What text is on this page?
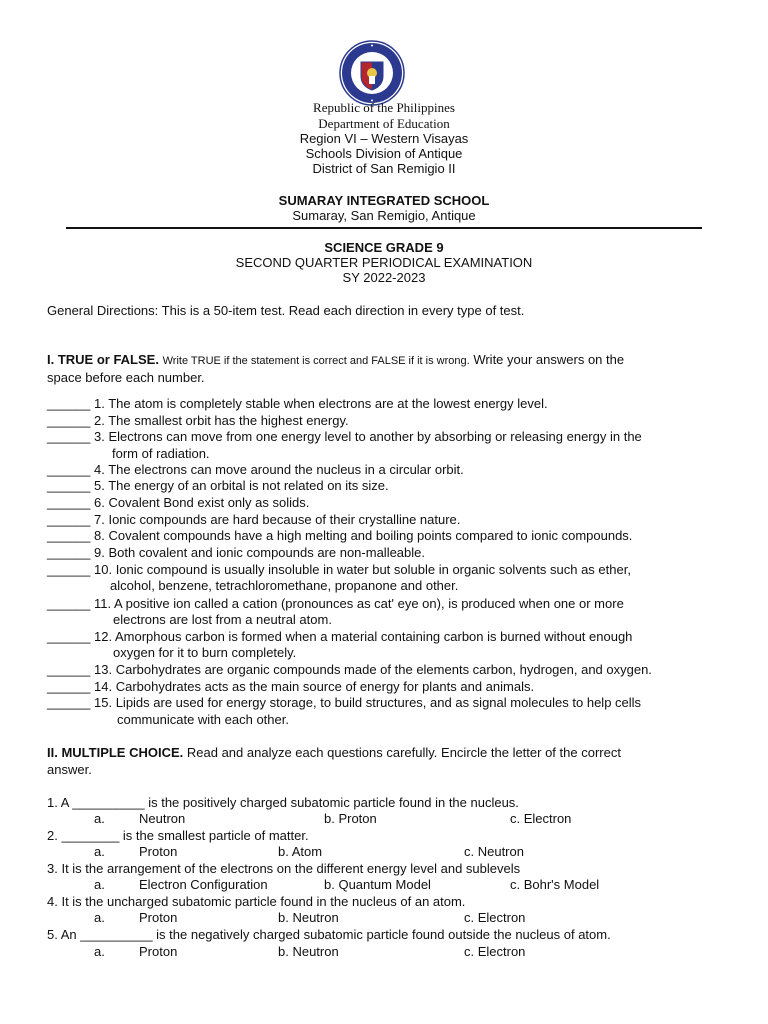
Republic of the Philippines
Department of Education
Region VI – Western Visayas
Schools Division of Antique
District of San Remigio II
SUMARAY INTEGRATED SCHOOL
Sumaray, San Remigio, Antique
SCIENCE GRADE 9
SECOND QUARTER PERIODICAL EXAMINATION
SY 2022-2023
General Directions: This is a 50-item test. Read each direction in every type of test.
I. TRUE or FALSE. Write TRUE if the statement is correct and FALSE if it is wrong. Write your answers on the
space before each number.
______ 1. The atom is completely stable when electrons are at the lowest energy level.
______ 2. The smallest orbit has the highest energy.
______ 3. Electrons can move from one energy level to another by absorbing or releasing energy in the
form of radiation.
______ 4. The electrons can move around the nucleus in a circular orbit.
______ 5. The energy of an orbital is not related on its size.
______ 6. Covalent Bond exist only as solids.
______ 7. Ionic compounds are hard because of their crystalline nature.
______ 8. Covalent compounds have a high melting and boiling points compared to ionic compounds.
______ 9. Both covalent and ionic compounds are non-malleable.
______ 10. Ionic compound is usually insoluble in water but soluble in organic solvents such as ether,
alcohol, benzene, tetrachloromethane, propanone and other.
______ 11. A positive ion called a cation (pronounces as cat' eye on), is produced when one or more
electrons are lost from a neutral atom.
______ 12. Amorphous carbon is formed when a material containing carbon is burned without enough
oxygen for it to burn completely.
______ 13. Carbohydrates are organic compounds made of the elements carbon, hydrogen, and oxygen.
______ 14. Carbohydrates acts as the main source of energy for plants and animals.
______ 15. Lipids are used for energy storage, to build structures, and as signal molecules to help cells
communicate with each other.
II. MULTIPLE CHOICE. Read and analyze each questions carefully. Encircle the letter of the correct
answer.
1. A __________ is the positively charged subatomic particle found in the nucleus.
a.	Neutron	b. Proton	c. Electron
2. ________ is the smallest particle of matter.
a.	Proton	b. Atom	c. Neutron
3. It is the arrangement of the electrons on the different energy level and sublevels
a.	Electron Configuration	b. Quantum Model	c. Bohr's Model
4. It is the uncharged subatomic particle found in the nucleus of an atom.
a.	Proton	b. Neutron	c. Electron
5. An __________ is the negatively charged subatomic particle found outside the nucleus of atom.
a.	Proton	b. Neutron	c. Electron
